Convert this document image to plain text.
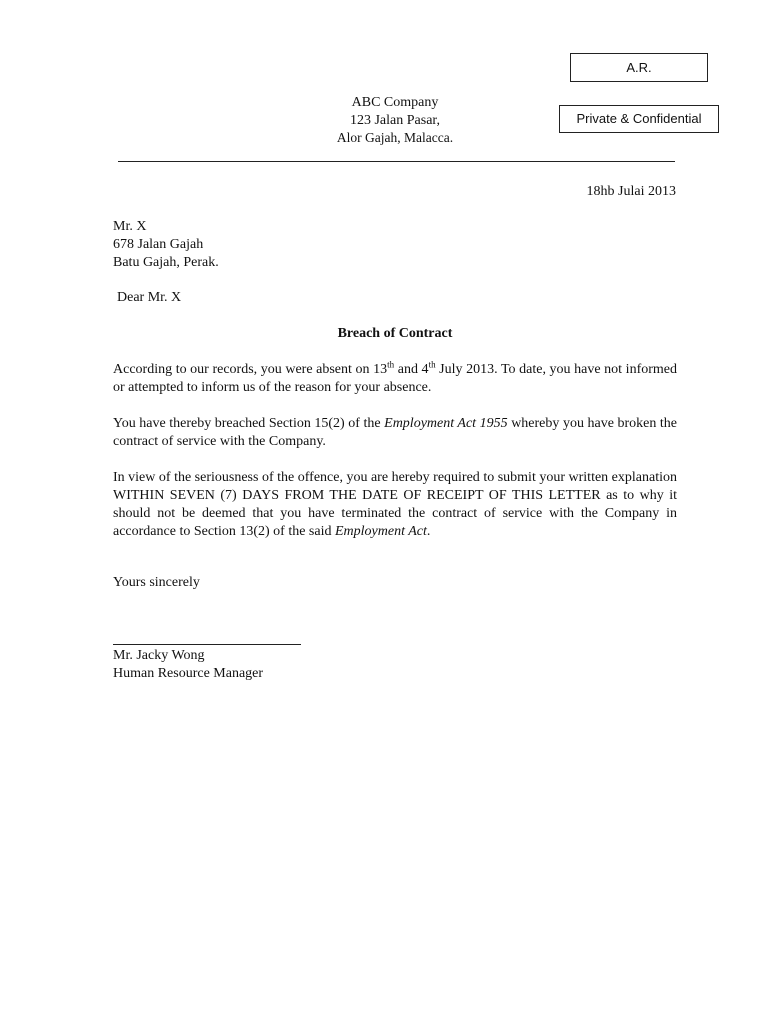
A.R.
Private & Confidential
ABC Company
123 Jalan Pasar,
Alor Gajah, Malacca.
18hb Julai 2013
Mr. X
678 Jalan Gajah
Batu Gajah, Perak.
Dear Mr. X
Breach of Contract
According to our records, you were absent on 13th and 4th July 2013. To date, you have not informed or attempted to inform us of the reason for your absence.
You have thereby breached Section 15(2) of the Employment Act 1955 whereby you have broken the contract of service with the Company.
In view of the seriousness of the offence, you are hereby required to submit your written explanation WITHIN SEVEN (7) DAYS FROM THE DATE OF RECEIPT OF THIS LETTER as to why it should not be deemed that you have terminated the contract of service with the Company in accordance to Section 13(2) of the said Employment Act.
Yours sincerely
Mr. Jacky Wong
Human Resource Manager
